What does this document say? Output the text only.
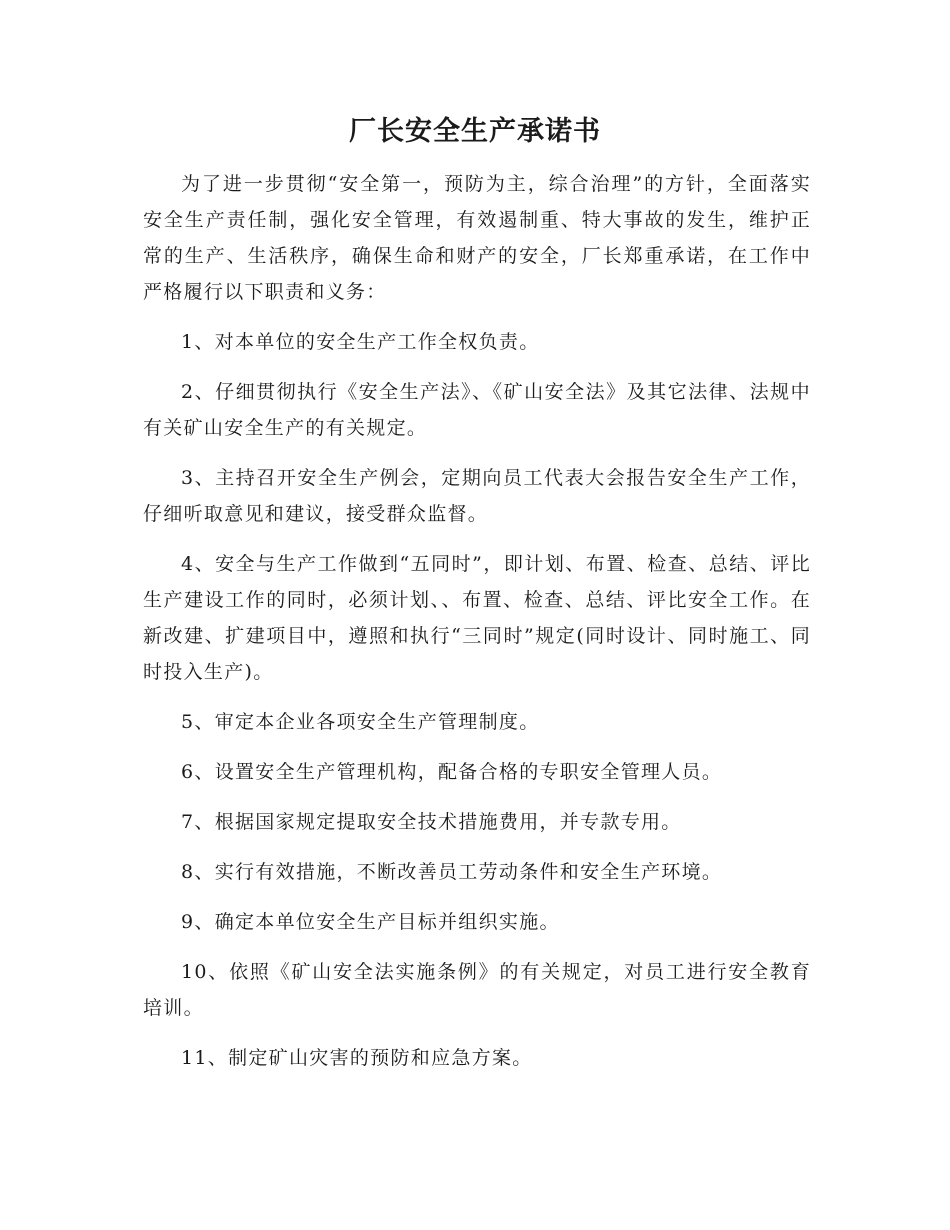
厂长安全生产承诺书

为了进一步贯彻“安全第一，预防为主，综合治理”的方针，全面落实安全生产责任制，强化安全管理，有效遏制重、特大事故的发生，维护正常的生产、生活秩序，确保生命和财产的安全，厂长郑重承诺，在工作中严格履行以下职责和义务：

1、对本单位的安全生产工作全权负责。

2、仔细贯彻执行《安全生产法》、《矿山安全法》及其它法律、法规中有关矿山安全生产的有关规定。

3、主持召开安全生产例会，定期向员工代表大会报告安全生产工作，仔细听取意见和建议，接受群众监督。

4、安全与生产工作做到“五同时”，即计划、布置、检查、总结、评比生产建设工作的同时，必须计划、、布置、检查、总结、评比安全工作。在新改建、扩建项目中，遵照和执行“三同时”规定(同时设计、同时施工、同时投入生产)。

5、审定本企业各项安全生产管理制度。

6、设置安全生产管理机构，配备合格的专职安全管理人员。

7、根据国家规定提取安全技术措施费用，并专款专用。

8、实行有效措施，不断改善员工劳动条件和安全生产环境。

9、确定本单位安全生产目标并组织实施。

10、依照《矿山安全法实施条例》的有关规定，对员工进行安全教育培训。

11、制定矿山灾害的预防和应急方案。
